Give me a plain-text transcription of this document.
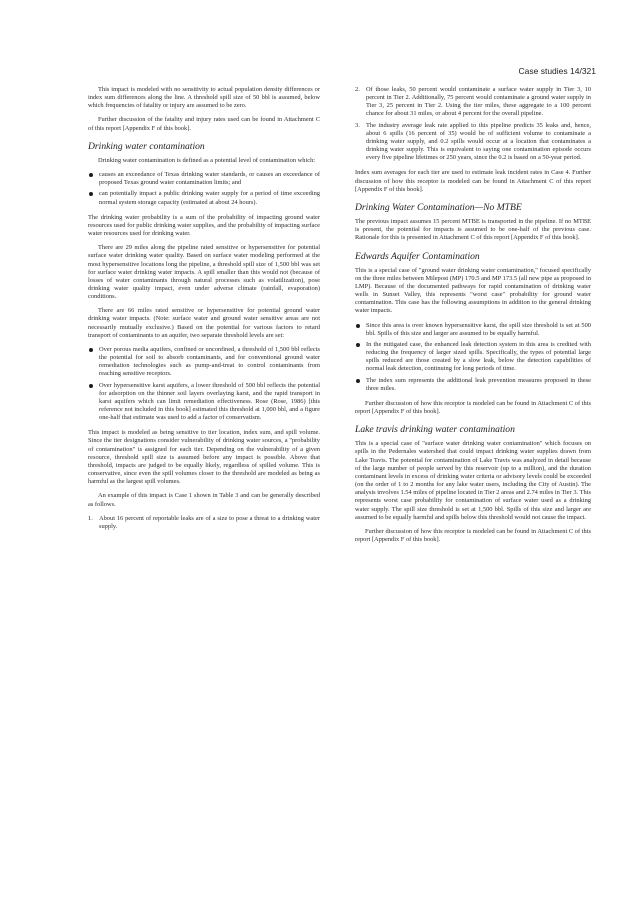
Case studies 14/321

This impact is modeled with no sensitivity to actual population density differences or index sum differences along the line. A threshold spill size of 50 bbl is assumed, below which frequencies of fatality or injury are assumed to be zero.

Further discussion of the fatality and injury rates used can be found in Attachment C of this report [Appendix F of this book].

Drinking water contamination

Drinking water contamination is defined as a potential level of contamination which:

causes an exceedance of Texas drinking water standards, or causes an exceedance of proposed Texas ground water contamination limits; and
can potentially impact a public drinking water supply for a period of time exceeding normal system storage capacity (estimated at about 24 hours).

The drinking water probability is a sum of the probability of impacting ground water resources used for public drinking water supplies, and the probability of impacting surface water resources used for drinking water.

There are 29 miles along the pipeline rated sensitive or hypersensitive for potential surface water drinking water quality. Based on surface water modeling performed at the most hypersensitive locations long the pipeline, a threshold spill size of 1,500 bbl was set for surface water drinking water impacts. A spill smaller than this would not (because of losses of water contaminants through natural processes such as volatilization), pose drinking water quality impact, even under adverse climate (rainfall, evaporation) conditions.

There are 66 miles rated sensitive or hypersensitive for potential ground water drinking water impacts. (Note: surface water and ground water sensitive areas are not necessarily mutually exclusive.) Based on the potential for various factors to retard transport of contaminants to an aquifer, two separate threshold levels are set:

Over porous media aquifers, confined or unconfined, a threshold of 1,500 bbl reflects the potential for soil to absorb contaminants, and for conventional ground water remediation technologies such as pump-and-treat to control contaminants from reaching sensitive receptors.
Over hypersensitive karst aquifers, a lower threshold of 500 bbl reflects the potential for adsorption on the thinner soil layers overlaying karst, and the rapid transport in karst aquifers which can limit remediation effectiveness. Rose (Rose, 1986) [this reference not included in this book] estimated this threshold at 1,000 bbl, and a figure one-half that estimate was used to add a factor of conservatism.

This impact is modeled as being sensitive to tier location, index sum, and spill volume. Since the tier designations consider vulnerability of drinking water sources, a "probability of contamination" is assigned for each tier. Depending on the vulnerability of a given resource, threshold spill size is assumed before any impact is possible. Above that threshold, impacts are judged to be equally likely, regardless of spilled volume. This is conservative, since even the spill volumes closer to the threshold are modeled as being as harmful as the largest spill volumes.

An example of this impact is Case 1 shown in Table 3 and can be generally described as follows.

1. About 16 percent of reportable leaks are of a size to pose a threat to a drinking water supply.
2. Of those leaks, 50 percent would contaminate a surface water supply in Tier 3, 10 percent in Tier 2. Additionally, 75 percent would contaminate a ground water supply in Tier 3, 25 percent in Tier 2. Using the tier miles, these aggregate to a 100 percent chance for about 31 miles, or about 4 percent for the overall pipeline.
3. The industry average leak rate applied to this pipeline predicts 35 leaks and, hence, about 6 spills (16 percent of 35) would be of sufficient volume to contaminate a drinking water supply, and 0.2 spills would occur at a location that contaminates a drinking water supply. This is equivalent to saying one contamination episode occurs every five pipeline lifetimes or 250 years, since the 0.2 is based on a 50-year period.

Index sum averages for each tier are used to estimate leak incident rates in Case 4. Further discussion of how this receptor is modeled can be found in Attachment C of this report [Appendix F of this book].

Drinking Water Contamination—No MTBE

The previous impact assumes 15 percent MTBE is transported in the pipeline. If no MTBE is present, the potential for impacts is assumed to be one-half of the previous case. Rationale for this is presented in Attachment C of this report [Appendix F of this book].

Edwards Aquifer Contamination

This is a special case of "ground water drinking water contamination," focused specifically on the three miles between Milepost (MP) 170.5 and MP 173.5 (all new pipe as proposed in LMP). Because of the documented pathways for rapid contamination of drinking water wells in Sunset Valley, this represents "worst case" probability for ground water contamination. This case has the following assumptions in addition to the general drinking water impacts.

Since this area is over known hypersensitive karst, the spill size threshold is set at 500 bbl. Spills of this size and larger are assumed to be equally harmful.
In the mitigated case, the enhanced leak detection system in this area is credited with reducing the frequency of larger sized spills. Specifically, the types of potential large spills reduced are those created by a slow leak, below the detection capabilities of normal leak detection, continuing for long periods of time.
The index sum represents the additional leak prevention measures proposed in these three miles.

Further discussion of how this receptor is modeled can be found in Attachment C of this report [Appendix F of this book].

Lake travis drinking water contamination

This is a special case of "surface water drinking water contamination" which focuses on spills in the Pedernales watershed that could impact drinking water supplies drawn from Lake Travis. The potential for contamination of Lake Travis was analyzed in detail because of the large number of people served by this reservoir (up to a million), and the duration contaminant levels in excess of drinking water criteria or advisory levels could be exceeded (on the order of 1 to 2 months for any lake water users, including the City of Austin). The analysis involves 1.54 miles of pipeline located in Tier 2 areas and 2.74 miles in Tier 3. This represents worst case probability for contamination of surface water used as a drinking water supply. The spill size threshold is set at 1,500 bbl. Spills of this size and larger are assumed to be equally harmful and spills below this threshold would not cause the impact.

Further discussion of how this receptor is modeled can be found in Attachment C of this report [Appendix F of this book].
